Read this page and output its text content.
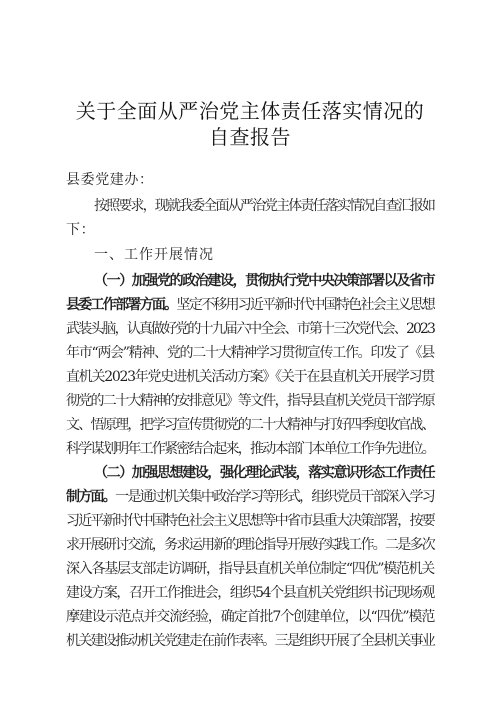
关于全面从严治党主体责任落实情况的
自查报告
县委党建办：
按照要求，现就我委全面从严治党主体责任落实情况自查汇报如
下：
一、工作开展情况
（一）加强党的政治建设，贯彻执行党中央决策部署以及省市
县委工作部署方面。坚定不移用习近平新时代中国特色社会主义思想
武装头脑，认真做好党的十九届六中全会、市第十三次党代会、2023
年市“两会”精神、党的二十大精神学习贯彻宣传工作。印发了《县
直机关2023年党史进机关活动方案》《关于在县直机关开展学习贯
彻党的二十大精神的安排意见》等文件，指导县直机关党员干部学原
文、悟原理，把学习宣传贯彻党的二十大精神与打好四季度收官战、
科学谋划明年工作紧密结合起来，推动本部门本单位工作争先进位。
（二）加强思想建设，强化理论武装，落实意识形态工作责任
制方面。一是通过机关集中政治学习等形式，组织党员干部深入学习
习近平新时代中国特色社会主义思想等中省市县重大决策部署，按要
求开展研讨交流，务求运用新的理论指导开展好实践工作。二是多次
深入各基层支部走访调研，指导县直机关单位制定“四优”模范机关
建设方案，召开工作推进会，组织54个县直机关党组织书记现场观
摩建设示范点并交流经验，确定首批7个创建单位，以“四优”模范
机关建设推动机关党建走在前作表率。三是组织开展了全县机关事业
